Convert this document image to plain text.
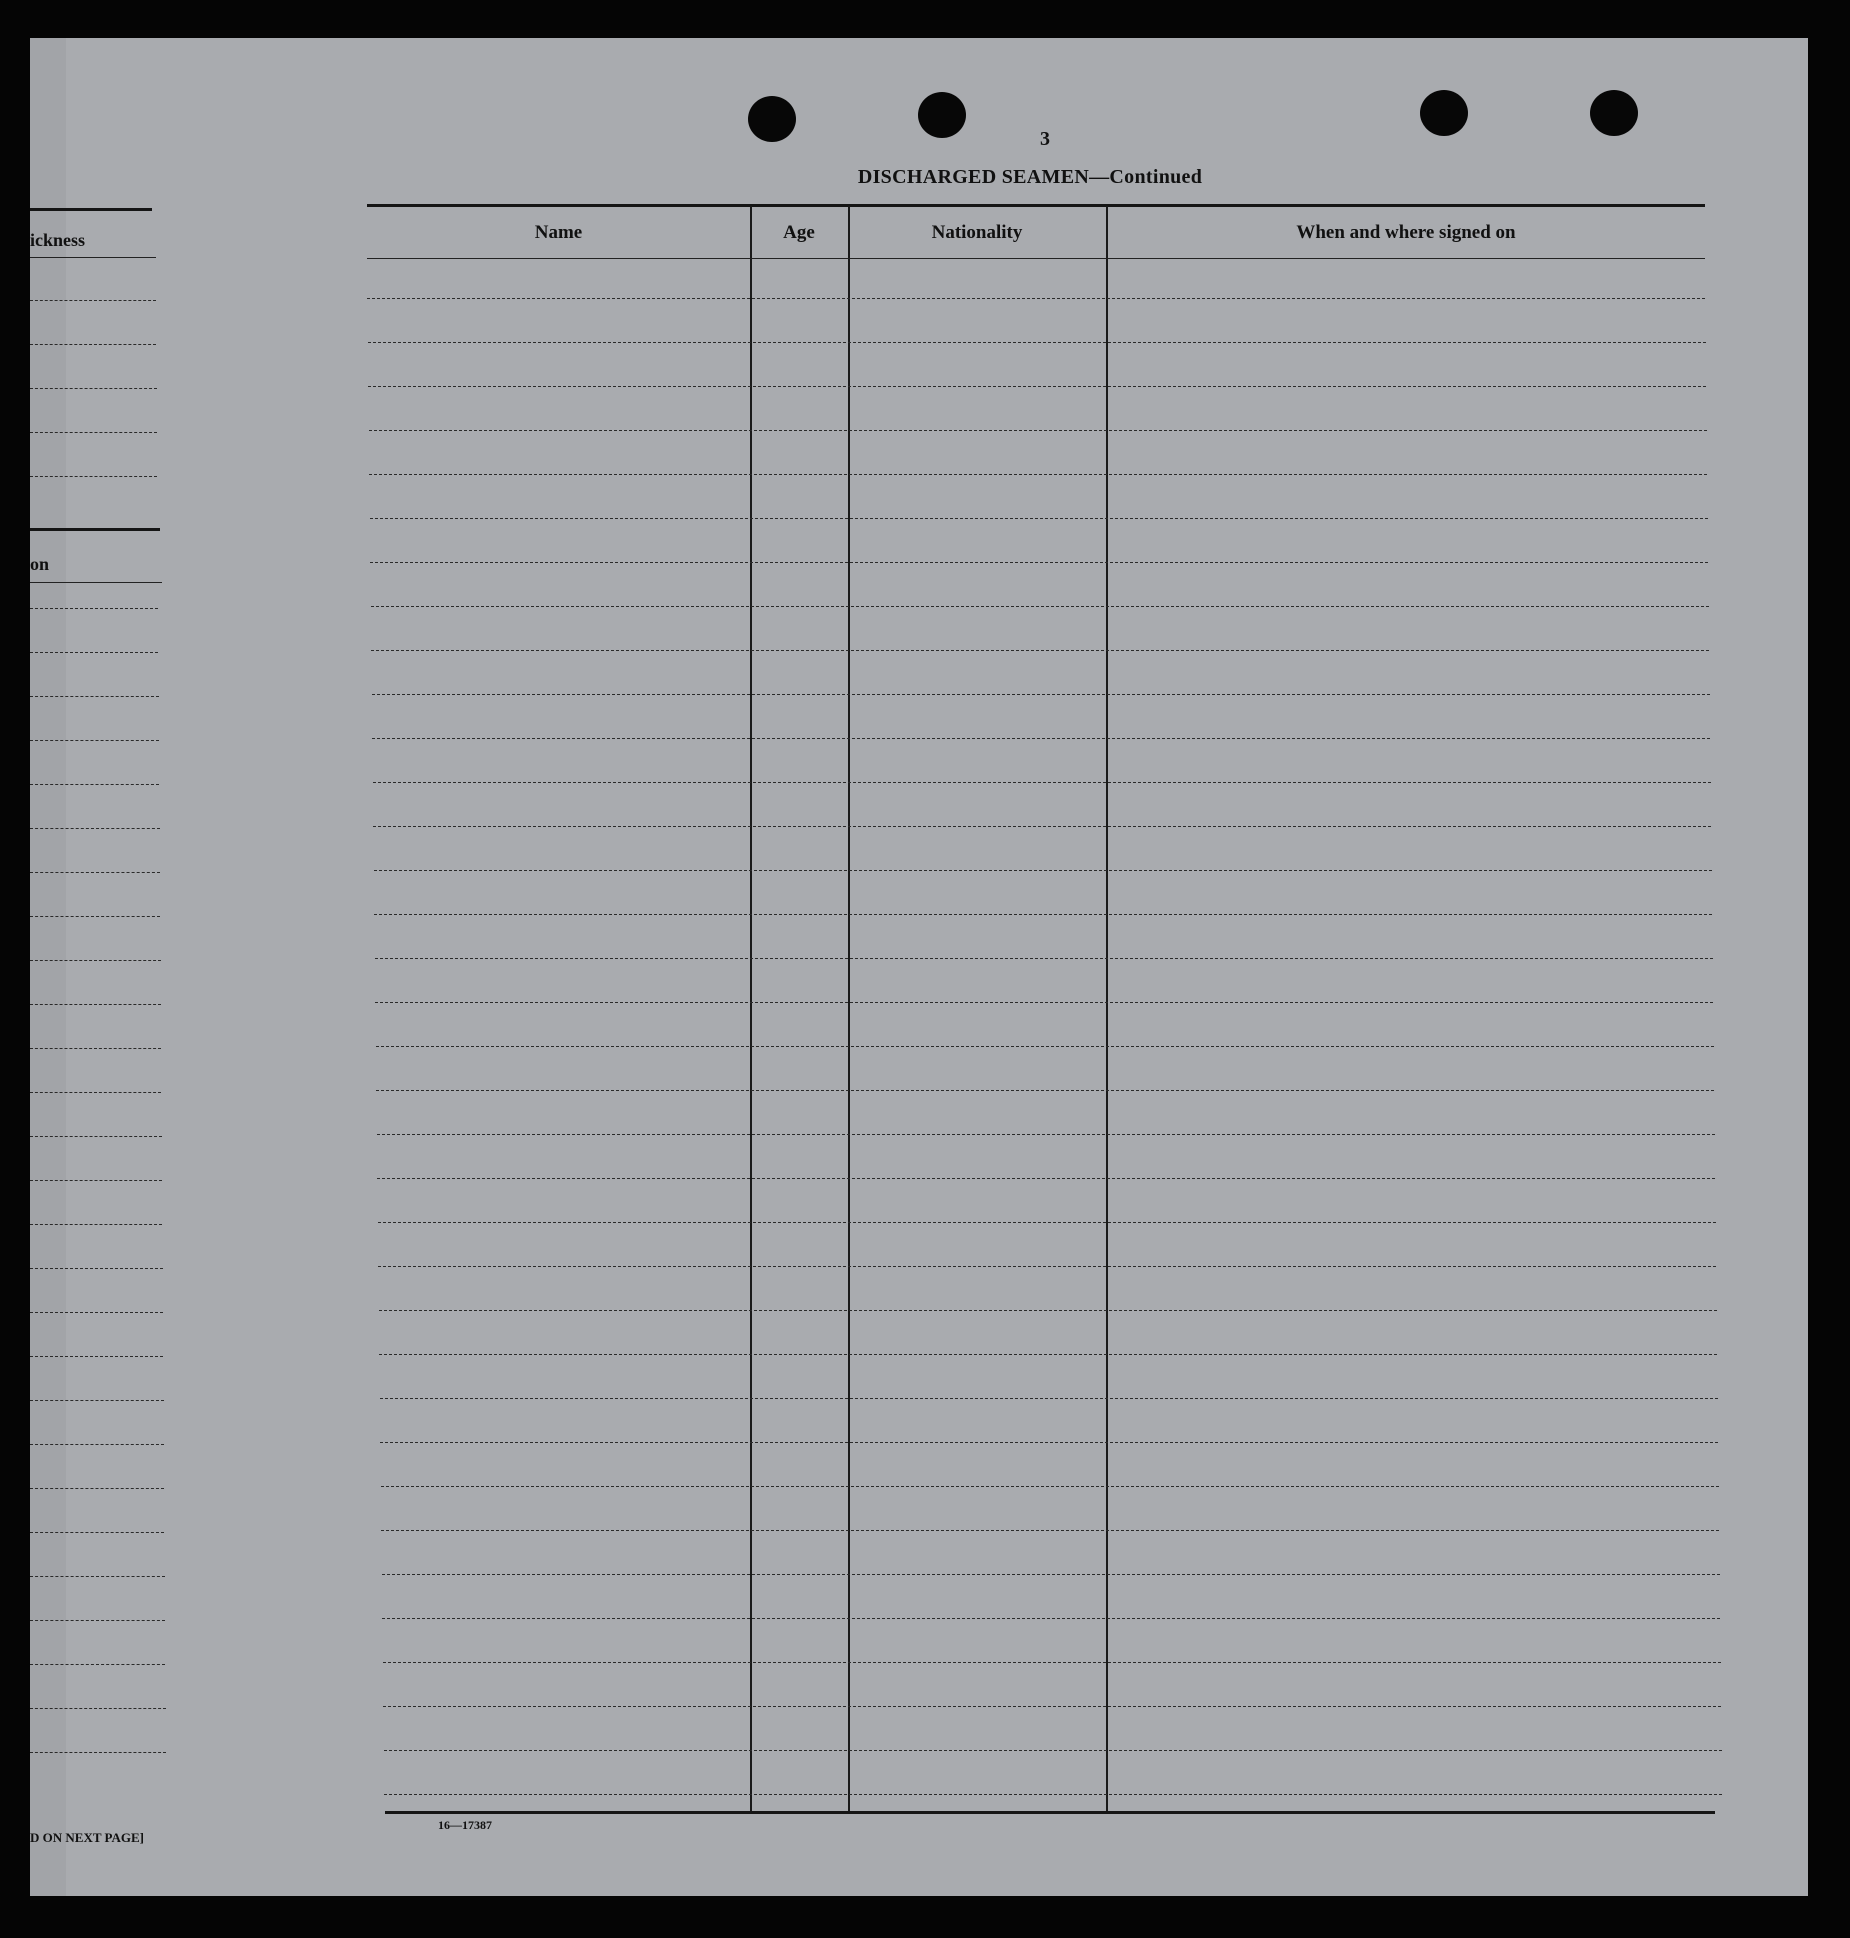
3
DISCHARGED SEAMEN—Continued
ickness
on
D ON NEXT PAGE]
Name	Age	Nationality	When and where signed on
16—17387
